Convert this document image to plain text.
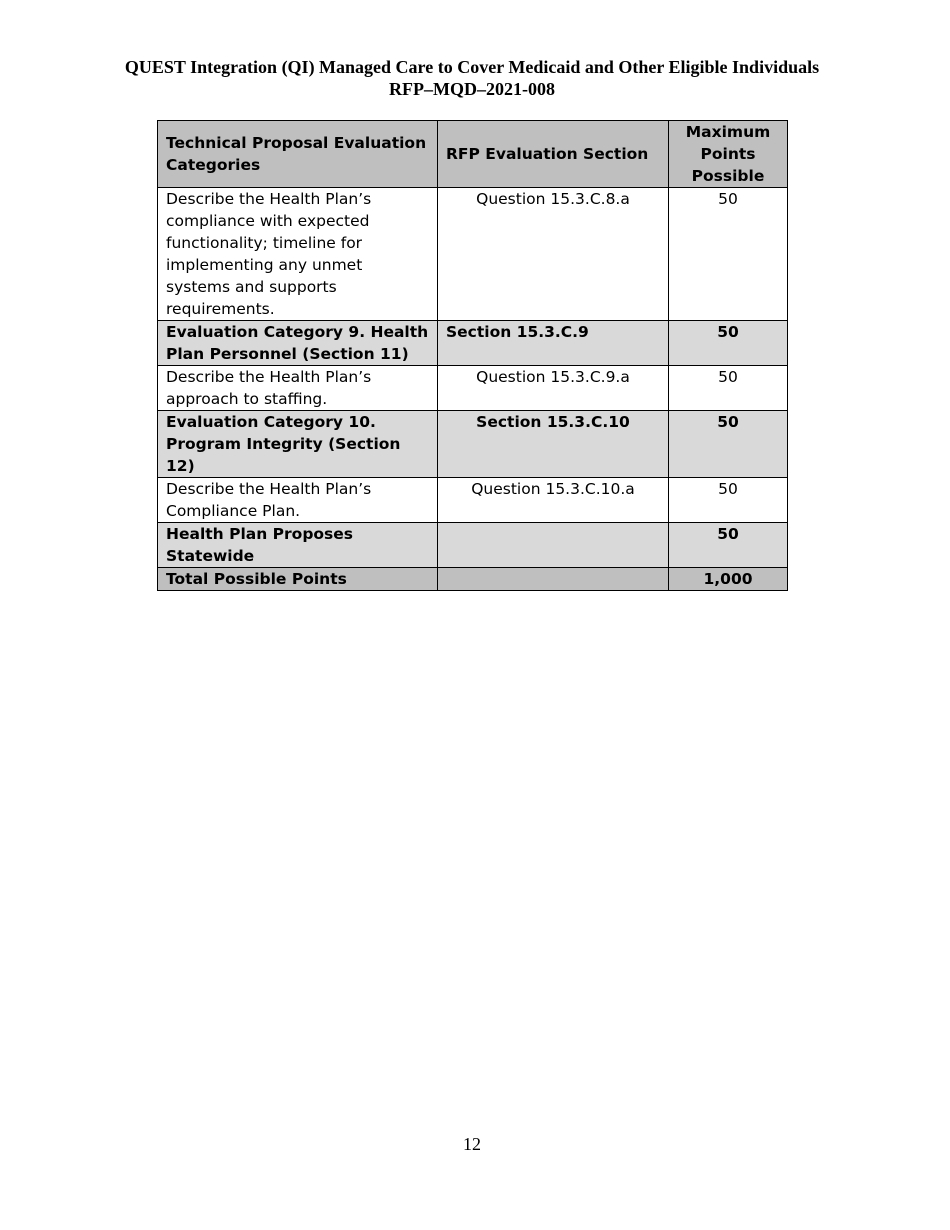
QUEST Integration (QI) Managed Care to Cover Medicaid and Other Eligible Individuals
RFP–MQD–2021-008
Technical Proposal Evaluation Categories	RFP Evaluation Section	Maximum Points Possible
Describe the Health Plan’s compliance with expected functionality; timeline for implementing any unmet systems and supports requirements.	Question 15.3.C.8.a	50
Evaluation Category 9. Health Plan Personnel (Section 11)	Section 15.3.C.9	50
Describe the Health Plan’s approach to staffing.	Question 15.3.C.9.a	50
Evaluation Category 10. Program Integrity (Section 12)	Section 15.3.C.10	50
Describe the Health Plan’s Compliance Plan.	Question 15.3.C.10.a	50
Health Plan Proposes Statewide		50
Total Possible Points		1,000
12
